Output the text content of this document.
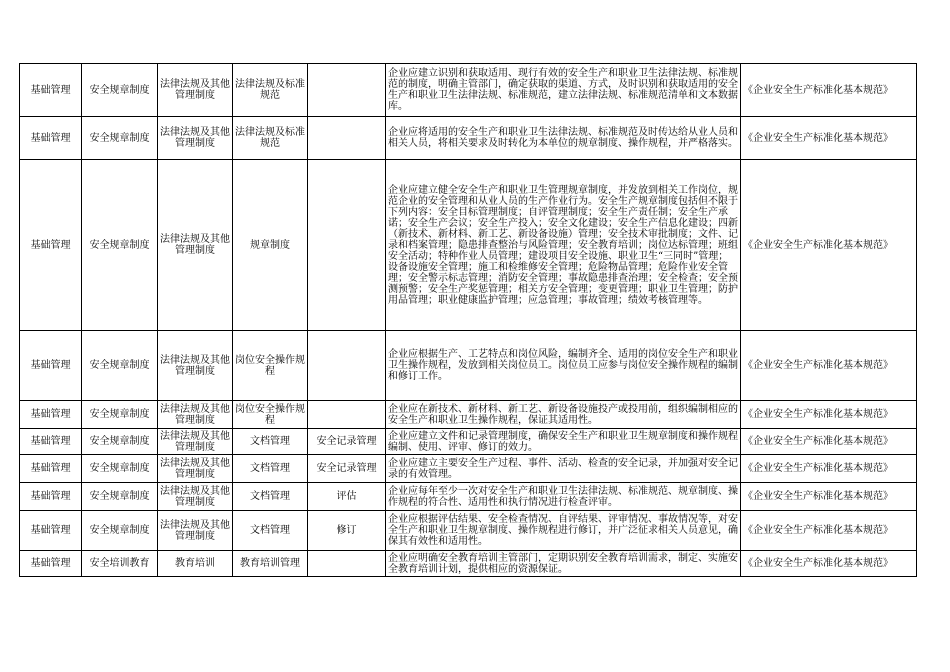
基础管理	安全规章制度	法律法规及其他管理制度	法律法规及标准规范		企业应建立识别和获取适用、现行有效的安全生产和职业卫生法律法规、标准规范的制度，明确主管部门，确定获取的渠道、方式，及时识别和获取适用的安全生产和职业卫生法律法规、标准规范，建立法律法规、标准规范清单和文本数据库。	《企业安全生产标准化基本规范》
基础管理	安全规章制度	法律法规及其他管理制度	法律法规及标准规范		企业应将适用的安全生产和职业卫生法律法规、标准规范及时传达给从业人员和相关人员，将相关要求及时转化为本单位的规章制度、操作规程，并严格落实。	《企业安全生产标准化基本规范》
基础管理	安全规章制度	法律法规及其他管理制度	规章制度		企业应建立健全安全生产和职业卫生管理规章制度，并发放到相关工作岗位，规范企业的安全管理和从业人员的生产作业行为。安全生产规章制度包括但不限于下列内容：安全目标管理制度；自评管理制度；安全生产责任制；安全生产承诺；安全生产会议；安全生产投入；安全文化建设；安全生产信息化建设；四新（新技术、新材料、新工艺、新设备设施）管理；安全技术审批制度；文件、记录和档案管理；隐患排查整治与风险管理；安全教育培训；岗位达标管理；班组安全活动；特种作业人员管理；建设项目安全设施、职业卫生“三同时”管理；设备设施安全管理；施工和检维修安全管理；危险物品管理；危险作业安全管理；安全警示标志管理；消防安全管理；事故隐患排查治理；安全检查；安全预测预警；安全生产奖惩管理；相关方安全管理；变更管理；职业卫生管理；防护用品管理；职业健康监护管理；应急管理；事故管理；绩效考核管理等。	《企业安全生产标准化基本规范》
基础管理	安全规章制度	法律法规及其他管理制度	岗位安全操作规程		企业应根据生产、工艺特点和岗位风险，编制齐全、适用的岗位安全生产和职业卫生操作规程，发放到相关岗位员工。岗位员工应参与岗位安全操作规程的编制和修订工作。	《企业安全生产标准化基本规范》
基础管理	安全规章制度	法律法规及其他管理制度	岗位安全操作规程		企业应在新技术、新材料、新工艺、新设备设施投产或投用前，组织编制相应的安全生产和职业卫生操作规程，保证其适用性。	《企业安全生产标准化基本规范》
基础管理	安全规章制度	法律法规及其他管理制度	文档管理	安全记录管理	企业应建立文件和记录管理制度，确保安全生产和职业卫生规章制度和操作规程编制、使用、评审、修订的效力。	《企业安全生产标准化基本规范》
基础管理	安全规章制度	法律法规及其他管理制度	文档管理	安全记录管理	企业应建立主要安全生产过程、事件、活动、检查的安全记录，并加强对安全记录的有效管理。	《企业安全生产标准化基本规范》
基础管理	安全规章制度	法律法规及其他管理制度	文档管理	评估	企业应每年至少一次对安全生产和职业卫生法律法规、标准规范、规章制度、操作规程的符合性、适用性和执行情况进行检查评审。	《企业安全生产标准化基本规范》
基础管理	安全规章制度	法律法规及其他管理制度	文档管理	修订	企业应根据评估结果、安全检查情况、自评结果、评审情况、事故情况等，对安全生产和职业卫生规章制度、操作规程进行修订，并广泛征求相关人员意见，确保其有效性和适用性。	《企业安全生产标准化基本规范》
基础管理	安全培训教育	教育培训	教育培训管理		企业应明确安全教育培训主管部门，定期识别安全教育培训需求，制定、实施安全教育培训计划，提供相应的资源保证。	《企业安全生产标准化基本规范》
